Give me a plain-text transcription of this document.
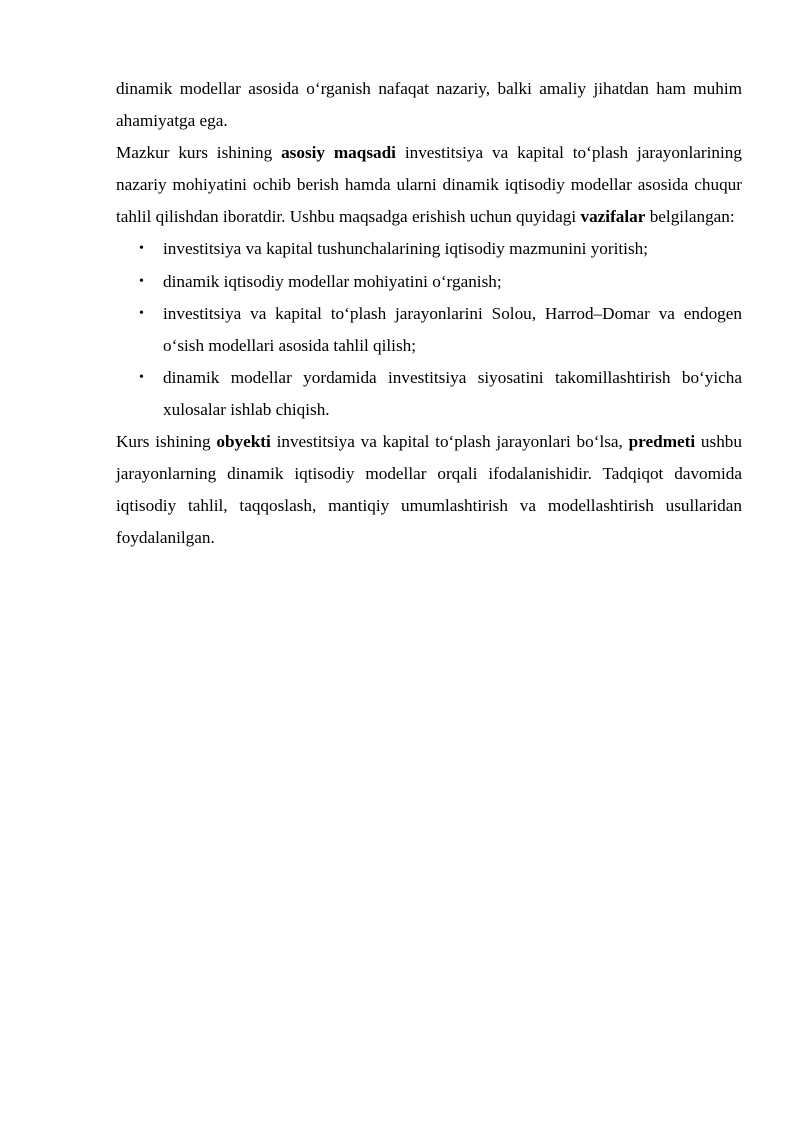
dinamik modellar asosida o‘rganish nafaqat nazariy, balki amaliy jihatdan ham muhim ahamiyatga ega.

Mazkur kurs ishining asosiy maqsadi investitsiya va kapital to‘plash jarayonlarining nazariy mohiyatini ochib berish hamda ularni dinamik iqtisodiy modellar asosida chuqur tahlil qilishdan iboratdir. Ushbu maqsadga erishish uchun quyidagi vazifalar belgilangan:

• investitsiya va kapital tushunchalarining iqtisodiy mazmunini yoritish;
• dinamik iqtisodiy modellar mohiyatini o‘rganish;
• investitsiya va kapital to‘plash jarayonlarini Solou, Harrod–Domar va endogen o‘sish modellari asosida tahlil qilish;
• dinamik modellar yordamida investitsiya siyosatini takomillashtirish bo‘yicha xulosalar ishlab chiqish.

Kurs ishining obyekti investitsiya va kapital to‘plash jarayonlari bo‘lsa, predmeti ushbu jarayonlarning dinamik iqtisodiy modellar orqali ifodalanishidir. Tadqiqot davomida iqtisodiy tahlil, taqqoslash, mantiqiy umumlashtirish va modellashtirish usullaridan foydalanilgan.
